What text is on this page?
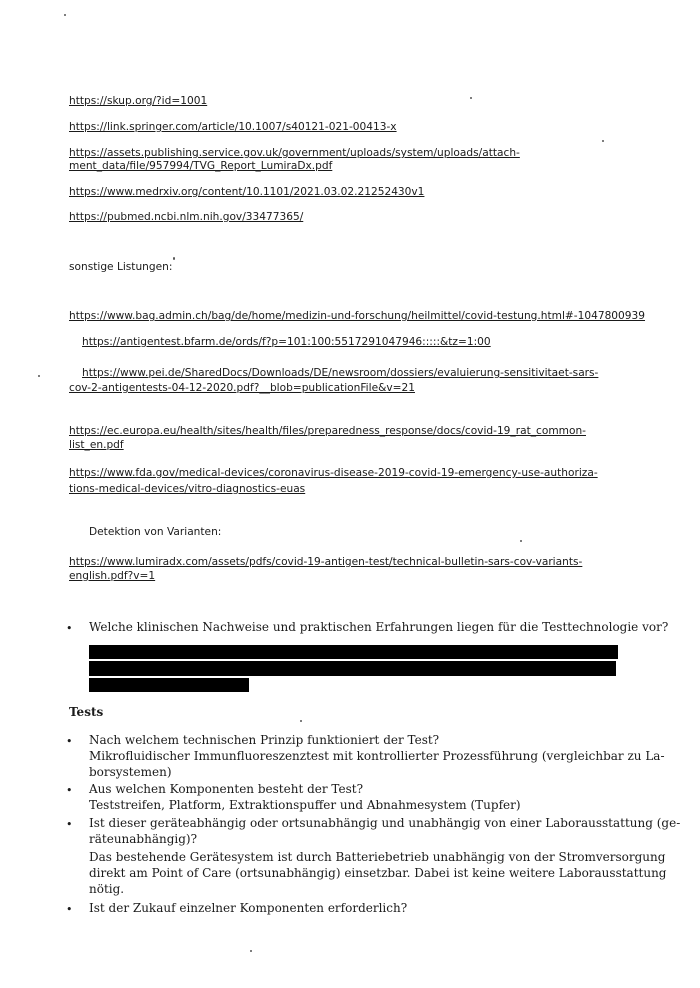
https://skup.org/?id=1001
https://link.springer.com/article/10.1007/s40121-021-00413-x
https://assets.publishing.service.gov.uk/government/uploads/system/uploads/attach-
ment_data/file/957994/TVG_Report_LumiraDx.pdf
https://www.medrxiv.org/content/10.1101/2021.03.02.21252430v1
https://pubmed.ncbi.nlm.nih.gov/33477365/
sonstige Listungen:
https://www.bag.admin.ch/bag/de/home/medizin-und-forschung/heilmittel/covid-testung.html#-1047800939
https://antigentest.bfarm.de/ords/f?p=101:100:5517291047946:::::&tz=1:00
https://www.pei.de/SharedDocs/Downloads/DE/newsroom/dossiers/evaluierung-sensitivitaet-sars-
cov-2-antigentests-04-12-2020.pdf?__blob=publicationFile&v=21
https://ec.europa.eu/health/sites/health/files/preparedness_response/docs/covid-19_rat_common-
list_en.pdf
https://www.fda.gov/medical-devices/coronavirus-disease-2019-covid-19-emergency-use-authoriza-
tions-medical-devices/vitro-diagnostics-euas
Detektion von Varianten:
https://www.lumiradx.com/assets/pdfs/covid-19-antigen-test/technical-bulletin-sars-cov-variants-
english.pdf?v=1
• Welche klinischen Nachweise und praktischen Erfahrungen liegen für die Testtechnologie vor?
Tests
• Nach welchem technischen Prinzip funktioniert der Test?
Mikrofluidischer Immunfluoreszenztest mit kontrollierter Prozessführung (vergleichbar zu La-
borsystemen)
• Aus welchen Komponenten besteht der Test?
Teststreifen, Platform, Extraktionspuffer und Abnahmesystem (Tupfer)
• Ist dieser geräteabhängig oder ortsunabhängig und unabhängig von einer Laborausstattung (ge-
räteunabhängig)?
Das bestehende Gerätesystem ist durch Batteriebetrieb unabhängig von der Stromversorgung
direkt am Point of Care (ortsunabhängig) einsetzbar. Dabei ist keine weitere Laborausstattung
nötig.
• Ist der Zukauf einzelner Komponenten erforderlich?
